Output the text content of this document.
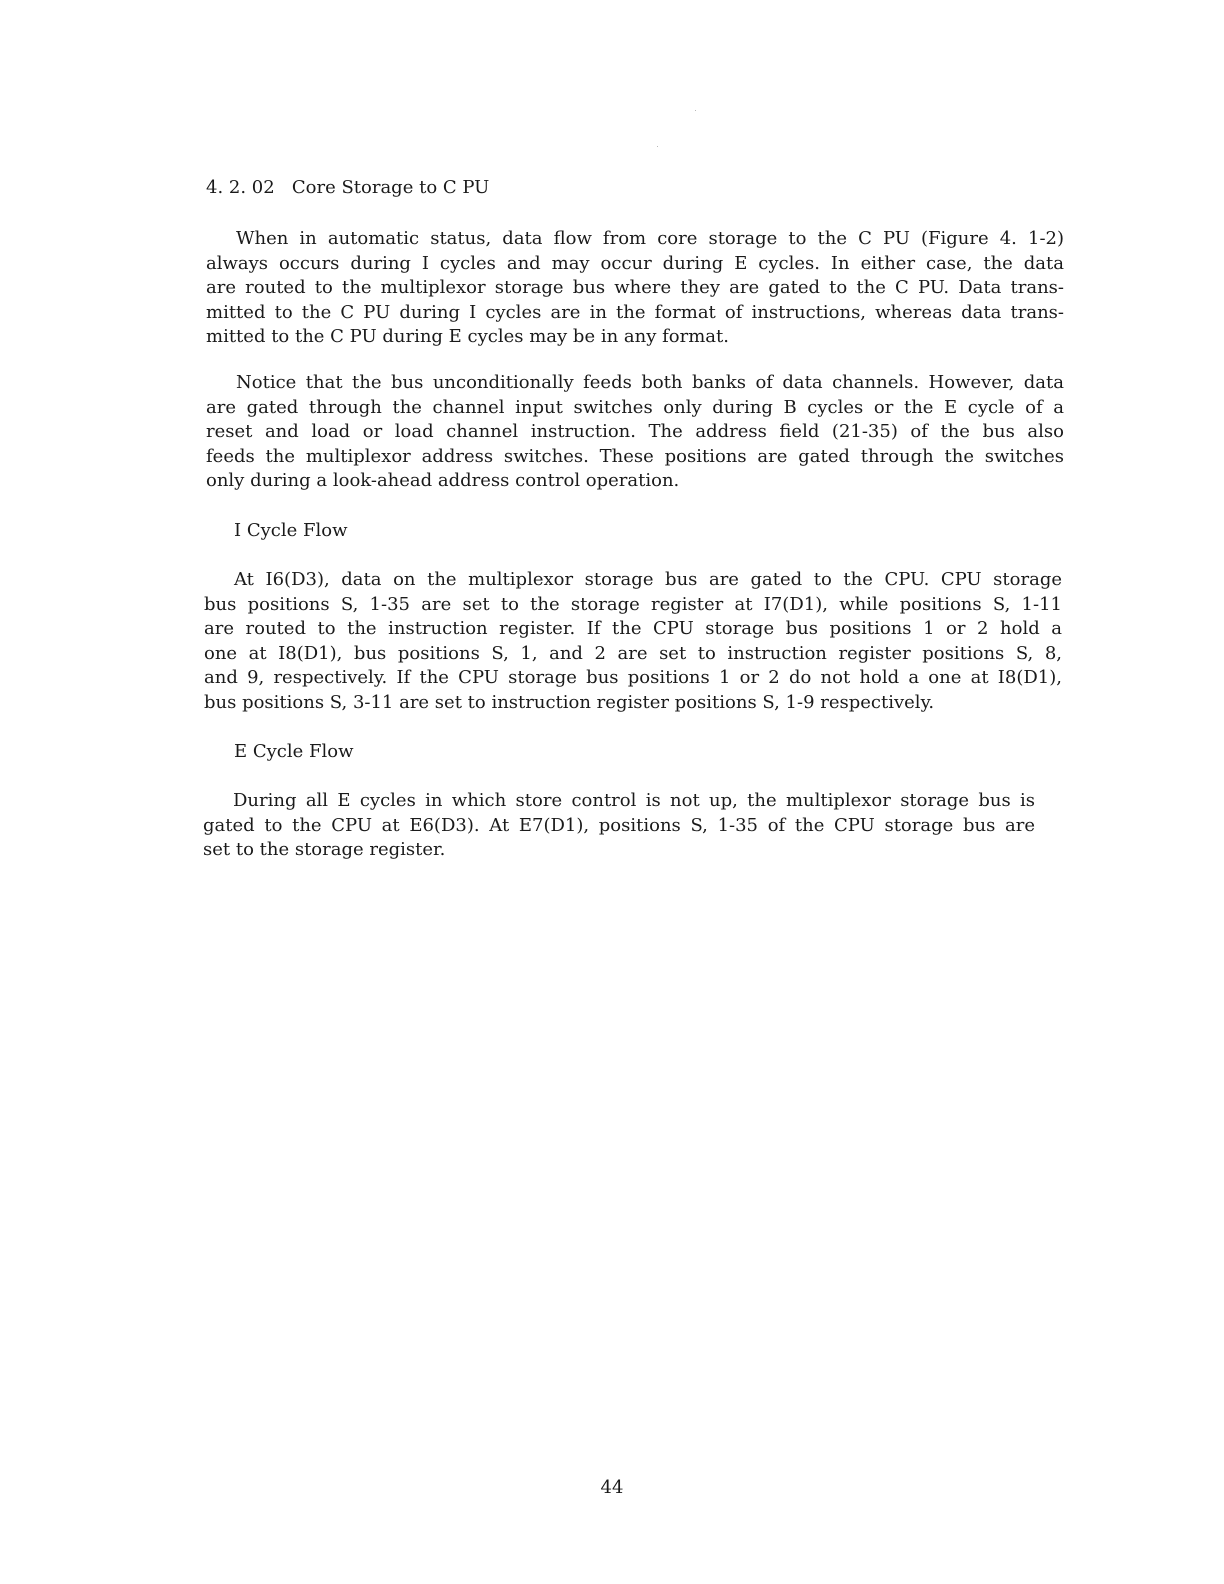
4. 2. 02   Core Storage to C PU

When in automatic status, data flow from core storage to the C PU (Figure 4. 1-2)
always occurs during I cycles and may occur during E cycles. In either case, the data
are routed to the multiplexor storage bus where they are gated to the C PU. Data trans-
mitted to the C PU during I cycles are in the format of instructions, whereas data trans-
mitted to the C PU during E cycles may be in any format.

Notice that the bus unconditionally feeds both banks of data channels. However, data
are gated through the channel input switches only during B cycles or the E cycle of a
reset and load or load channel instruction. The address field (21-35) of the bus also
feeds the multiplexor address switches. These positions are gated through the switches
only during a look-ahead address control operation.

I Cycle Flow

At I6(D3), data on the multiplexor storage bus are gated to the CPU. CPU storage
bus positions S, 1-35 are set to the storage register at I7(D1), while positions S, 1-11
are routed to the instruction register. If the CPU storage bus positions 1 or 2 hold a
one at I8(D1), bus positions S, 1, and 2 are set to instruction register positions S, 8,
and 9, respectively. If the CPU storage bus positions 1 or 2 do not hold a one at I8(D1),
bus positions S, 3-11 are set to instruction register positions S, 1-9 respectively.

E Cycle Flow

During all E cycles in which store control is not up, the multiplexor storage bus is
gated to the CPU at E6(D3). At E7(D1), positions S, 1-35 of the CPU storage bus are
set to the storage register.

44
